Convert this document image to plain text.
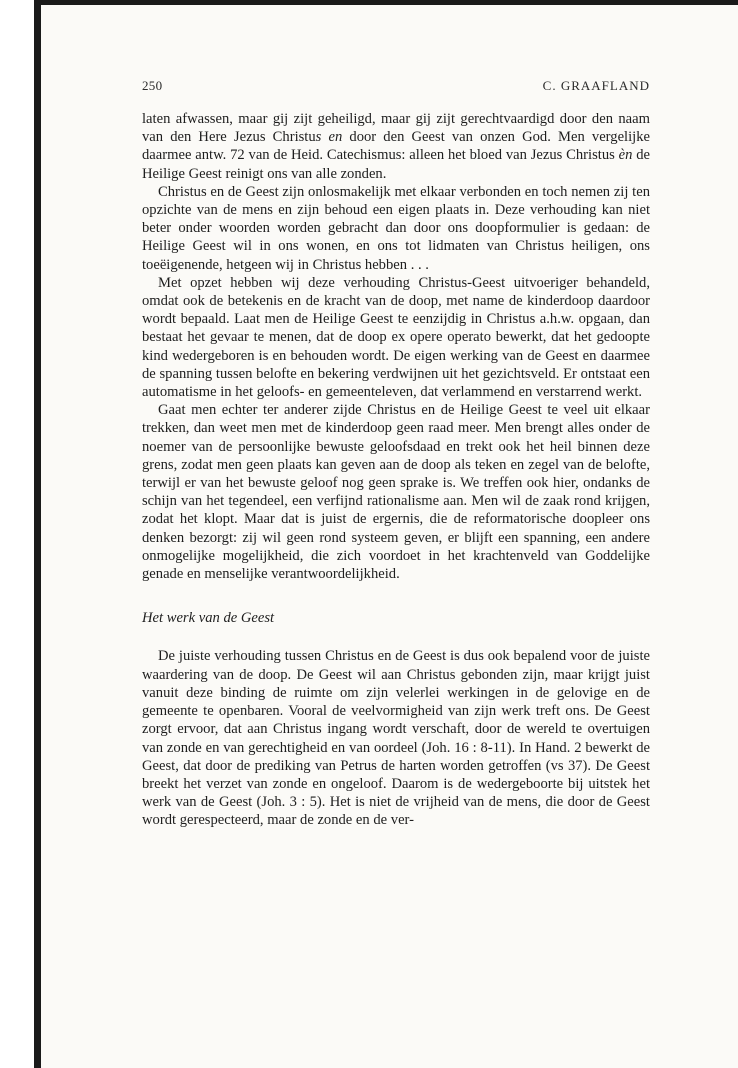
250	C. GRAAFLAND

laten afwassen, maar gij zijt geheiligd, maar gij zijt gerechtvaardigd door den naam van den Here Jezus Christus en door den Geest van onzen God. Men vergelijke daarmee antw. 72 van de Heid. Catechismus: alleen het bloed van Jezus Christus èn de Heilige Geest reinigt ons van alle zonden.

Christus en de Geest zijn onlosmakelijk met elkaar verbonden en toch nemen zij ten opzichte van de mens en zijn behoud een eigen plaats in. Deze verhouding kan niet beter onder woorden worden gebracht dan door ons doopformulier is gedaan: de Heilige Geest wil in ons wonen, en ons tot lidmaten van Christus heiligen, ons toeëigenende, hetgeen wij in Christus hebben . . .

Met opzet hebben wij deze verhouding Christus-Geest uitvoeriger behandeld, omdat ook de betekenis en de kracht van de doop, met name de kinderdoop daardoor wordt bepaald. Laat men de Heilige Geest te eenzijdig in Christus a.h.w. opgaan, dan bestaat het gevaar te menen, dat de doop ex opere operato bewerkt, dat het gedoopte kind wedergeboren is en behouden wordt. De eigen werking van de Geest en daarmee de spanning tussen belofte en bekering verdwijnen uit het gezichtsveld. Er ontstaat een automatisme in het geloofs- en gemeenteleven, dat verlammend en verstarrend werkt.

Gaat men echter ter anderer zijde Christus en de Heilige Geest te veel uit elkaar trekken, dan weet men met de kinderdoop geen raad meer. Men brengt alles onder de noemer van de persoonlijke bewuste geloofsdaad en trekt ook het heil binnen deze grens, zodat men geen plaats kan geven aan de doop als teken en zegel van de belofte, terwijl er van het bewuste geloof nog geen sprake is. We treffen ook hier, ondanks de schijn van het tegendeel, een verfijnd rationalisme aan. Men wil de zaak rond krijgen, zodat het klopt. Maar dat is juist de ergernis, die de reformatorische doopleer ons denken bezorgt: zij wil geen rond systeem geven, er blijft een spanning, een andere onmogelijke mogelijkheid, die zich voordoet in het krachtenveld van Goddelijke genade en menselijke verantwoordelijkheid.

Het werk van de Geest

De juiste verhouding tussen Christus en de Geest is dus ook bepalend voor de juiste waardering van de doop. De Geest wil aan Christus gebonden zijn, maar krijgt juist vanuit deze binding de ruimte om zijn velerlei werkingen in de gelovige en de gemeente te openbaren. Vooral de veelvormigheid van zijn werk treft ons. De Geest zorgt ervoor, dat aan Christus ingang wordt verschaft, door de wereld te overtuigen van zonde en van gerechtigheid en van oordeel (Joh. 16 : 8-11). In Hand. 2 bewerkt de Geest, dat door de prediking van Petrus de harten worden getroffen (vs 37). De Geest breekt het verzet van zonde en ongeloof. Daarom is de wedergeboorte bij uitstek het werk van de Geest (Joh. 3 : 5). Het is niet de vrijheid van de mens, die door de Geest wordt gerespecteerd, maar de zonde en de ver-
